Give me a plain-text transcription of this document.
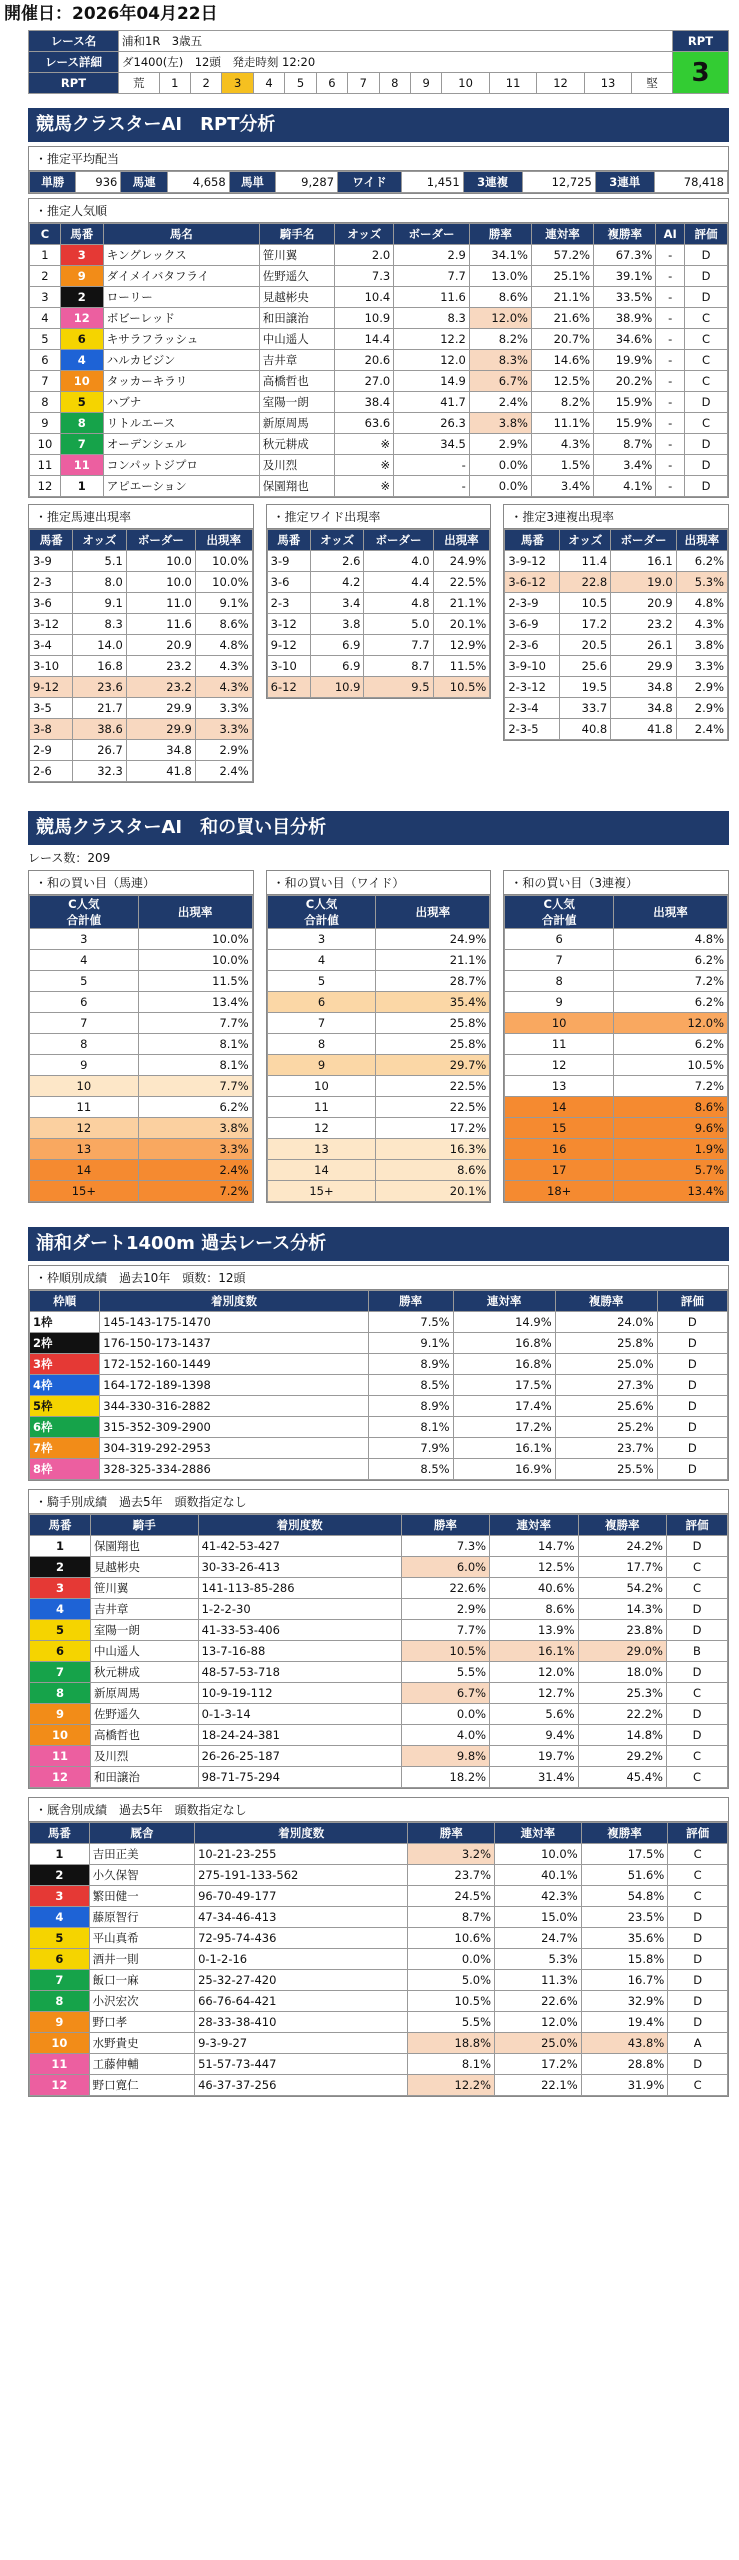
開催日：2026年04月22日
レース名	浦和1R　3歳五															RPT
レース詳細	ダ1400(左)　12頭　発走時刻 12:20															3
RPT	荒	1	2	3	4	5	6	7	8	9	10	11	12	13	堅	
競馬クラスターAI　RPT分析
・推定平均配当
単勝	936	馬連	4,658	馬単	9,287	ワイド	1,451	3連複	12,725	3連単	78,418
・推定人気順
C	馬番	馬名	騎手名	オッズ	ボーダー	勝率	連対率	複勝率	AI	評価
1	3	キングレックス	笹川翼	2.0	2.9	34.1%	57.2%	67.3%	-	D
2	9	ダイメイバタフライ	佐野遥久	7.3	7.7	13.0%	25.1%	39.1%	-	D
3	2	ローリー	見越彬央	10.4	11.6	8.6%	21.1%	33.5%	-	D
4	12	ボビーレッド	和田譲治	10.9	8.3	12.0%	21.6%	38.9%	-	C
5	6	キサラフラッシュ	中山遥人	14.4	12.2	8.2%	20.7%	34.6%	-	C
6	4	ハルカビジン	吉井章	20.6	12.0	8.3%	14.6%	19.9%	-	C
7	10	タッカーキラリ	高橋哲也	27.0	14.9	6.7%	12.5%	20.2%	-	C
8	5	ハブナ	室陽一朗	38.4	41.7	2.4%	8.2%	15.9%	-	D
9	8	リトルエース	新原周馬	63.6	26.3	3.8%	11.1%	15.9%	-	C
10	7	オーデンシェル	秋元耕成	※	34.5	2.9%	4.3%	8.7%	-	D
11	11	コンパットジプロ	及川烈	※	-	0.0%	1.5%	3.4%	-	D
12	1	アピエーション	保園翔也	※	-	0.0%	3.4%	4.1%	-	D
・推定馬連出現率
馬番	オッズ	ボーダー	出現率
3-9	5.1	10.0	10.0%
2-3	8.0	10.0	10.0%
3-6	9.1	11.0	9.1%
3-12	8.3	11.6	8.6%
3-4	14.0	20.9	4.8%
3-10	16.8	23.2	4.3%
9-12	23.6	23.2	4.3%
3-5	21.7	29.9	3.3%
3-8	38.6	29.9	3.3%
2-9	26.7	34.8	2.9%
2-6	32.3	41.8	2.4%
・推定ワイド出現率
馬番	オッズ	ボーダー	出現率
3-9	2.6	4.0	24.9%
3-6	4.2	4.4	22.5%
2-3	3.4	4.8	21.1%
3-12	3.8	5.0	20.1%
9-12	6.9	7.7	12.9%
3-10	6.9	8.7	11.5%
6-12	10.9	9.5	10.5%
・推定3連複出現率
馬番	オッズ	ボーダー	出現率
3-9-12	11.4	16.1	6.2%
3-6-12	22.8	19.0	5.3%
2-3-9	10.5	20.9	4.8%
3-6-9	17.2	23.2	4.3%
2-3-6	20.5	26.1	3.8%
3-9-10	25.6	29.9	3.3%
2-3-12	19.5	34.8	2.9%
2-3-4	33.7	34.8	2.9%
2-3-5	40.8	41.8	2.4%
競馬クラスターAI　和の買い目分析
レース数：209
・和の買い目（馬連）
C人気
合計値	出現率
3	10.0%
4	10.0%
5	11.5%
6	13.4%
7	7.7%
8	8.1%
9	8.1%
10	7.7%
11	6.2%
12	3.8%
13	3.3%
14	2.4%
15+	7.2%
・和の買い目（ワイド）
C人気
合計値	出現率
3	24.9%
4	21.1%
5	28.7%
6	35.4%
7	25.8%
8	25.8%
9	29.7%
10	22.5%
11	22.5%
12	17.2%
13	16.3%
14	8.6%
15+	20.1%
・和の買い目（3連複）
C人気
合計値	出現率
6	4.8%
7	6.2%
8	7.2%
9	6.2%
10	12.0%
11	6.2%
12	10.5%
13	7.2%
14	8.6%
15	9.6%
16	1.9%
17	5.7%
18+	13.4%
浦和ダート1400m 過去レース分析
・枠順別成績　過去10年　頭数：12頭
枠順	着別度数	勝率	連対率	複勝率	評価
1枠	145-143-175-1470	7.5%	14.9%	24.0%	D
2枠	176-150-173-1437	9.1%	16.8%	25.8%	D
3枠	172-152-160-1449	8.9%	16.8%	25.0%	D
4枠	164-172-189-1398	8.5%	17.5%	27.3%	D
5枠	344-330-316-2882	8.9%	17.4%	25.6%	D
6枠	315-352-309-2900	8.1%	17.2%	25.2%	D
7枠	304-319-292-2953	7.9%	16.1%	23.7%	D
8枠	328-325-334-2886	8.5%	16.9%	25.5%	D
・騎手別成績　過去5年　頭数指定なし
馬番	騎手	着別度数	勝率	連対率	複勝率	評価
1	保園翔也	41-42-53-427	7.3%	14.7%	24.2%	D
2	見越彬央	30-33-26-413	6.0%	12.5%	17.7%	C
3	笹川翼	141-113-85-286	22.6%	40.6%	54.2%	C
4	吉井章	1-2-2-30	2.9%	8.6%	14.3%	D
5	室陽一朗	41-33-53-406	7.7%	13.9%	23.8%	D
6	中山遥人	13-7-16-88	10.5%	16.1%	29.0%	B
7	秋元耕成	48-57-53-718	5.5%	12.0%	18.0%	D
8	新原周馬	10-9-19-112	6.7%	12.7%	25.3%	C
9	佐野遥久	0-1-3-14	0.0%	5.6%	22.2%	D
10	高橋哲也	18-24-24-381	4.0%	9.4%	14.8%	D
11	及川烈	26-26-25-187	9.8%	19.7%	29.2%	C
12	和田譲治	98-71-75-294	18.2%	31.4%	45.4%	C
・厩舎別成績　過去5年　頭数指定なし
馬番	厩舎	着別度数	勝率	連対率	複勝率	評価
1	吉田正美	10-21-23-255	3.2%	10.0%	17.5%	C
2	小久保智	275-191-133-562	23.7%	40.1%	51.6%	C
3	繁田健一	96-70-49-177	24.5%	42.3%	54.8%	C
4	藤原智行	47-34-46-413	8.7%	15.0%	23.5%	D
5	平山真希	72-95-74-436	10.6%	24.7%	35.6%	D
6	酒井一則	0-1-2-16	0.0%	5.3%	15.8%	D
7	飯口一麻	25-32-27-420	5.0%	11.3%	16.7%	D
8	小沢宏次	66-76-64-421	10.5%	22.6%	32.9%	D
9	野口孝	28-33-38-410	5.5%	12.0%	19.4%	D
10	水野貴史	9-3-9-27	18.8%	25.0%	43.8%	A
11	工藤伸輔	51-57-73-447	8.1%	17.2%	28.8%	D
12	野口寛仁	46-37-37-256	12.2%	22.1%	31.9%	C
